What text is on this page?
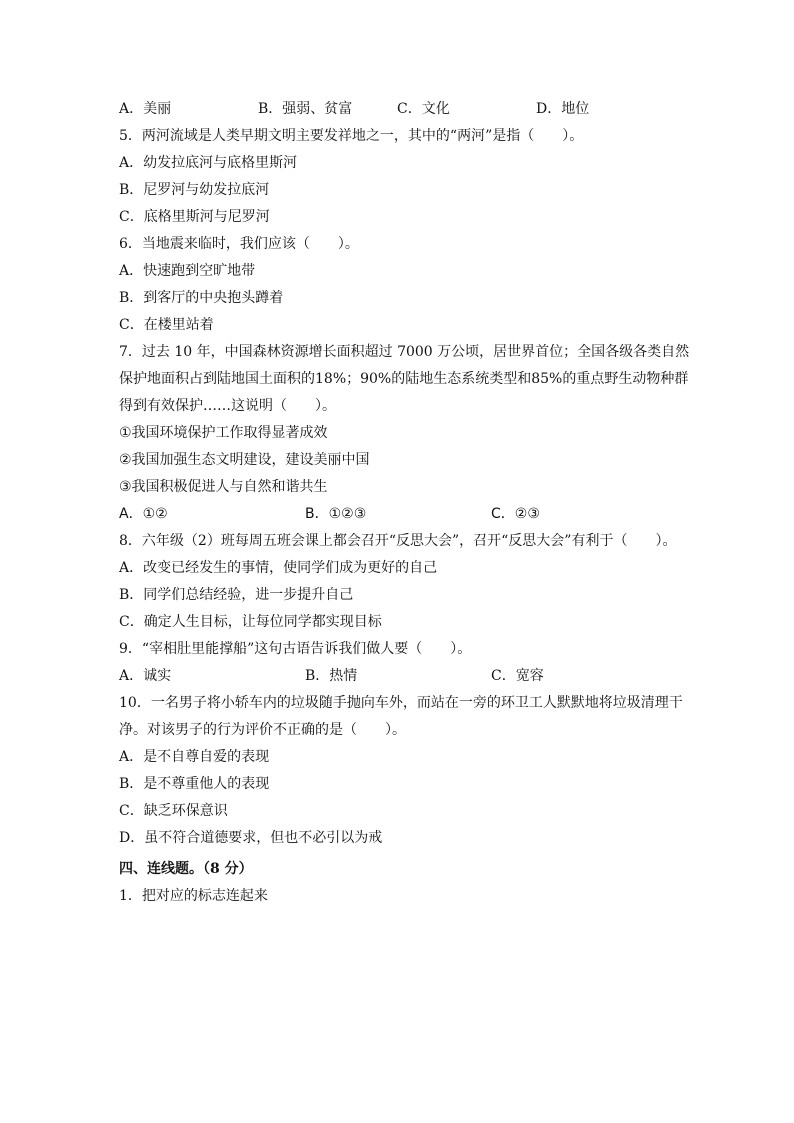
A．美丽	B．强弱、贫富	C．文化	D．地位
5．两河流域是人类早期文明主要发祥地之一，其中的“两河”是指（　　）。
A．幼发拉底河与底格里斯河
B．尼罗河与幼发拉底河
C．底格里斯河与尼罗河
6．当地震来临时，我们应该（　　）。
A．快速跑到空旷地带
B．到客厅的中央抱头蹲着
C．在楼里站着
7．过去 10 年，中国森林资源增长面积超过 7000 万公顷，居世界首位；全国各级各类自然
保护地面积占到陆地国土面积的18%；90%的陆地生态系统类型和85%的重点野生动物种群
得到有效保护……这说明（　　）。
①我国环境保护工作取得显著成效
②我国加强生态文明建设，建设美丽中国
③我国积极促进人与自然和谐共生
A．①②	B．①②③	C．②③
8．六年级（2）班每周五班会课上都会召开“反思大会”，召开“反思大会”有利于（　　）。
A．改变已经发生的事情，使同学们成为更好的自己
B．同学们总结经验，进一步提升自己
C．确定人生目标，让每位同学都实现目标
9．“宰相肚里能撑船”这句古语告诉我们做人要（　　）。
A．诚实	B．热情	C．宽容
10．一名男子将小轿车内的垃圾随手抛向车外，而站在一旁的环卫工人默默地将垃圾清理干
净。对该男子的行为评价不正确的是（　　）。
A．是不自尊自爱的表现
B．是不尊重他人的表现
C．缺乏环保意识
D．虽不符合道德要求，但也不必引以为戒
四、连线题。（8 分）
1．把对应的标志连起来
